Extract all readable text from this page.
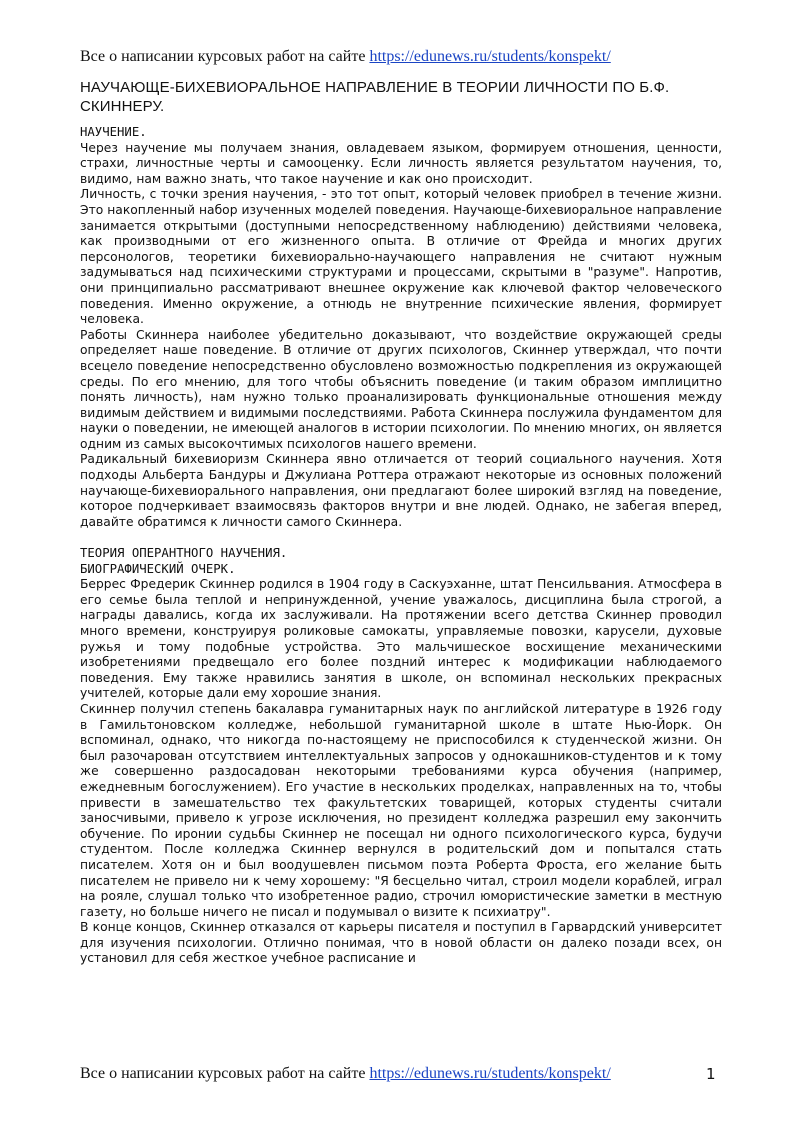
Все о написании курсовых работ на сайте https://edunews.ru/students/konspekt/
НАУЧАЮЩЕ-БИХЕВИОРАЛЬНОЕ НАПРАВЛЕНИЕ В ТЕОРИИ ЛИЧНОСТИ ПО Б.Ф. СКИННЕРУ.

НАУЧЕНИЕ.

Через научение мы получаем знания, овладеваем языком, формируем отношения, ценности, страхи, личностные черты и самооценку. Если личность является результатом научения, то, видимо, нам важно знать, что такое научение и как оно происходит.

Личность, с точки зрения научения, - это тот опыт, который человек приобрел в течение жизни. Это накопленный набор изученных моделей поведения. Научающе-бихевиоральное направление занимается открытыми (доступными непосредственному наблюдению) действиями человека, как производными от его жизненного опыта. В отличие от Фрейда и многих других персонологов, теоретики бихевиорально-научающего направления не считают нужным задумываться над психическими структурами и процессами, скрытыми в "разуме". Напротив, они принципиально рассматривают внешнее окружение как ключевой фактор человеческого поведения. Именно окружение, а отнюдь не внутренние психические явления, формирует человека.

Работы Скиннера наиболее убедительно доказывают, что воздействие окружающей среды определяет наше поведение. В отличие от других психологов, Скиннер утверждал, что почти всецело поведение непосредственно обусловлено возможностью подкрепления из окружающей среды. По его мнению, для того чтобы объяснить поведение (и таким образом имплицитно понять личность), нам нужно только проанализировать функциональные отношения между видимым действием и видимыми последствиями. Работа Скиннера послужила фундаментом для науки о поведении, не имеющей аналогов в истории психологии. По мнению многих, он является одним из самых высокочтимых психологов нашего времени.

Радикальный бихевиоризм Скиннера явно отличается от теорий социального научения. Хотя подходы Альберта Бандуры и Джулиана Роттера отражают некоторые из основных положений научающе-бихевиорального направления, они предлагают более широкий взгляд на поведение, которое подчеркивает взаимосвязь факторов внутри и вне людей. Однако, не забегая вперед, давайте обратимся к личности самого Скиннера.

ТЕОРИЯ ОПЕРАНТНОГО НАУЧЕНИЯ.

БИОГРАФИЧЕСКИЙ ОЧЕРК.

Беррес Фредерик Скиннер родился в 1904 году в Саскуэханне, штат Пенсильвания. Атмосфера в его семье была теплой и непринужденной, учение уважалось, дисциплина была строгой, а награды давались, когда их заслуживали. На протяжении всего детства Скиннер проводил много времени, конструируя роликовые самокаты, управляемые повозки, карусели, духовые ружья и тому подобные устройства. Это мальчишеское восхищение механическими изобретениями предвещало его более поздний интерес к модификации наблюдаемого поведения. Ему также нравились занятия в школе, он вспоминал нескольких прекрасных учителей, которые дали ему хорошие знания.

Скиннер получил степень бакалавра гуманитарных наук по английской литературе в 1926 году в Гамильтоновском колледже, небольшой гуманитарной школе в штате Нью-Йорк. Он вспоминал, однако, что никогда по-настоящему не приспособился к студенческой жизни. Он был разочарован отсутствием интеллектуальных запросов у однокашников-студентов и к тому же совершенно раздосадован некоторыми требованиями курса обучения (например, ежедневным богослужением). Его участие в нескольких проделках, направленных на то, чтобы привести в замешательство тех факультетских товарищей, которых студенты считали заносчивыми, привело к угрозе исключения, но президент колледжа разрешил ему закончить обучение. По иронии судьбы Скиннер не посещал ни одного психологического курса, будучи студентом. После колледжа Скиннер вернулся в родительский дом и попытался стать писателем. Хотя он и был воодушевлен письмом поэта Роберта Фроста, его желание быть писателем не привело ни к чему хорошему: "Я бесцельно читал, строил модели кораблей, играл на рояле, слушал только что изобретенное радио, строчил юмористические заметки в местную газету, но больше ничего не писал и подумывал о визите к психиатру".

В конце концов, Скиннер отказался от карьеры писателя и поступил в Гарвардский университет для изучения психологии. Отлично понимая, что в новой области он далеко позади всех, он установил для себя жесткое учебное расписание и

Все о написании курсовых работ на сайте https://edunews.ru/students/konspekt/	1
